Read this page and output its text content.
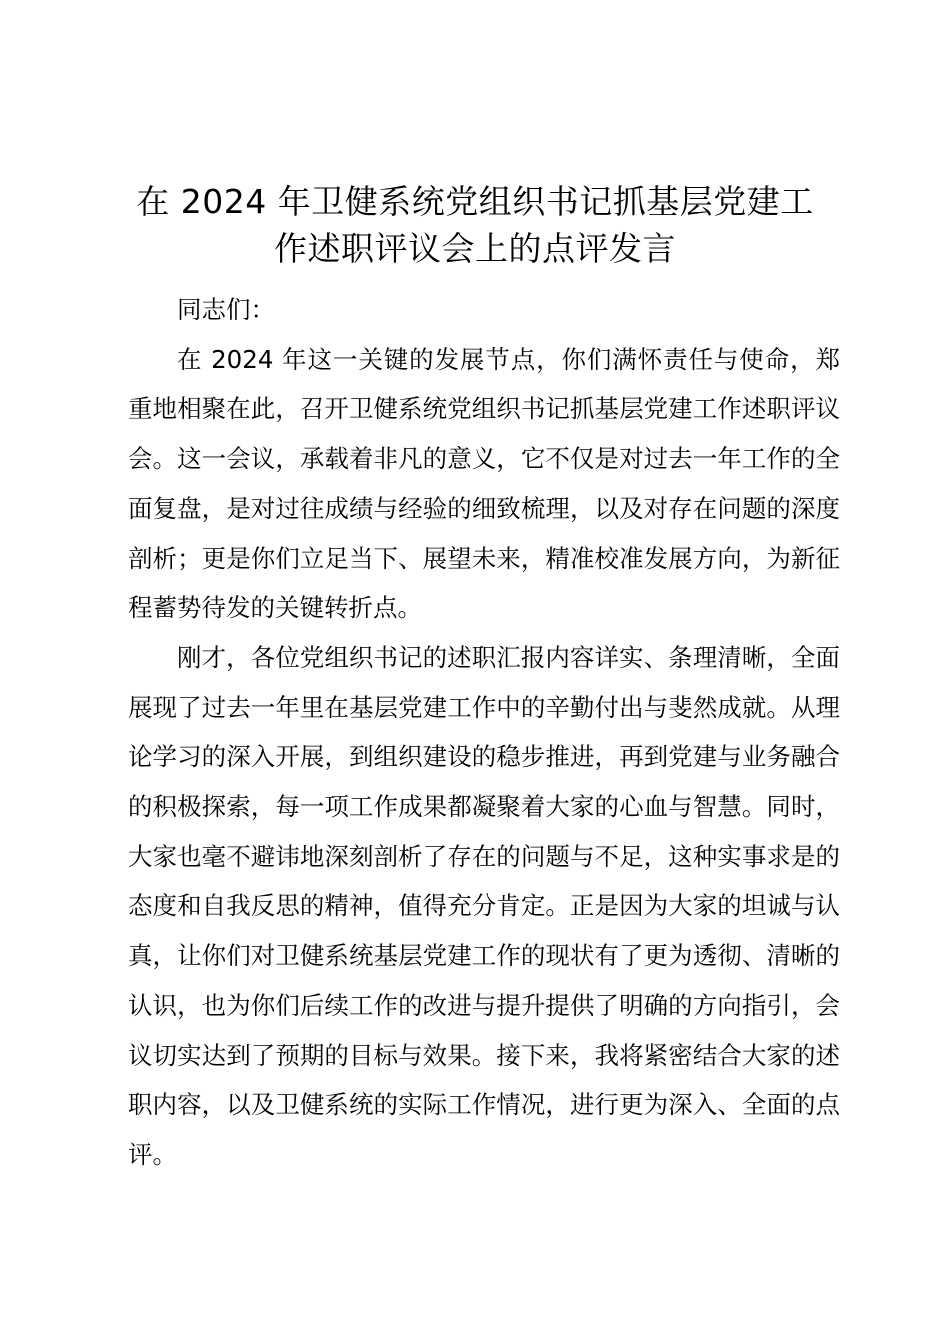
在 2024 年卫健系统党组织书记抓基层党建工
作述职评议会上的点评发言

同志们：

在 2024 年这一关键的发展节点，你们满怀责任与使命，郑重地相聚在此，召开卫健系统党组织书记抓基层党建工作述职评议会。这一会议，承载着非凡的意义，它不仅是对过去一年工作的全面复盘，是对过往成绩与经验的细致梳理，以及对存在问题的深度剖析；更是你们立足当下、展望未来，精准校准发展方向，为新征程蓄势待发的关键转折点。

刚才，各位党组织书记的述职汇报内容详实、条理清晰，全面展现了过去一年里在基层党建工作中的辛勤付出与斐然成就。从理论学习的深入开展，到组织建设的稳步推进，再到党建与业务融合的积极探索，每一项工作成果都凝聚着大家的心血与智慧。同时，大家也毫不避讳地深刻剖析了存在的问题与不足，这种实事求是的态度和自我反思的精神，值得充分肯定。正是因为大家的坦诚与认真，让你们对卫健系统基层党建工作的现状有了更为透彻、清晰的认识，也为你们后续工作的改进与提升提供了明确的方向指引，会议切实达到了预期的目标与效果。接下来，我将紧密结合大家的述职内容，以及卫健系统的实际工作情况，进行更为深入、全面的点评。
